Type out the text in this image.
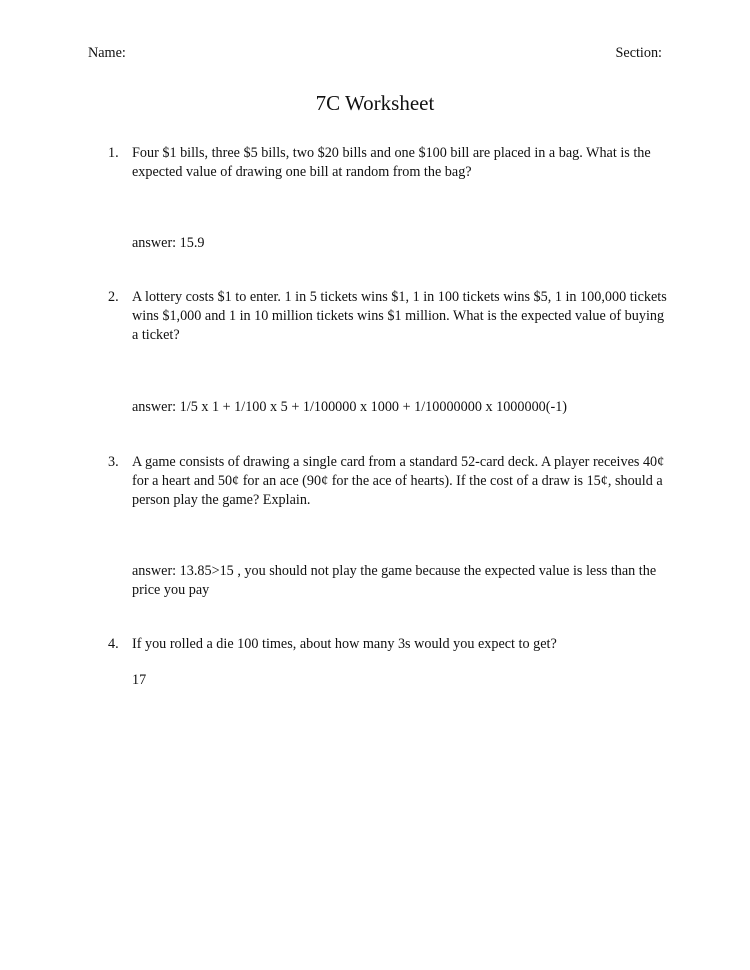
Name:	Section:
7C Worksheet
1. Four $1 bills, three $5 bills, two $20 bills and one $100 bill are placed in a bag. What is the expected value of drawing one bill at random from the bag?
answer: 15.9
2. A lottery costs $1 to enter. 1 in 5 tickets wins $1, 1 in 100 tickets wins $5, 1 in 100,000 tickets wins $1,000 and 1 in 10 million tickets wins $1 million. What is the expected value of buying a ticket?
answer: 1/5 x 1 + 1/100 x 5 + 1/100000 x 1000 + 1/10000000 x 1000000(-1)
3. A game consists of drawing a single card from a standard 52-card deck. A player receives 40¢ for a heart and 50¢ for an ace (90¢ for the ace of hearts). If the cost of a draw is 15¢, should a person play the game? Explain.
answer: 13.85>15 , you should not play the game because the expected value is less than the price you pay
4. If you rolled a die 100 times, about how many 3s would you expect to get?
17
